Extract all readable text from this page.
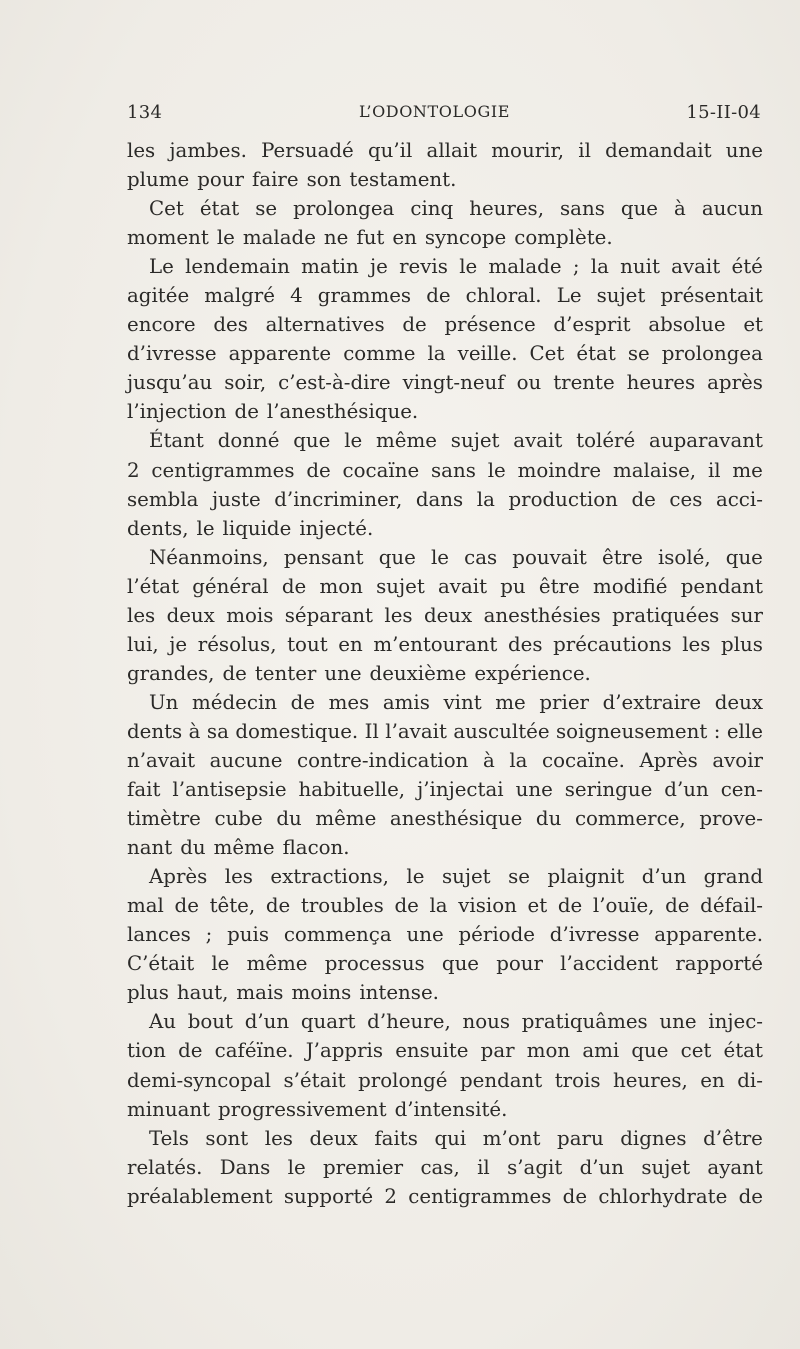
134	L’ODONTOLOGIE	15-II-04
les jambes. Persuadé qu’il allait mourir, il demandait une
plume pour faire son testament.
Cet état se prolongea cinq heures, sans que à aucun
moment le malade ne fut en syncope complète.
Le lendemain matin je revis le malade ; la nuit avait été
agitée malgré 4 grammes de chloral. Le sujet présentait
encore des alternatives de présence d’esprit absolue et
d’ivresse apparente comme la veille. Cet état se prolongea
jusqu’au soir, c’est-à-dire vingt-neuf ou trente heures après
l’injection de l’anesthésique.
Étant donné que le même sujet avait toléré auparavant
2 centigrammes de cocaïne sans le moindre malaise, il me
sembla juste d’incriminer, dans la production de ces acci-
dents, le liquide injecté.
Néanmoins, pensant que le cas pouvait être isolé, que
l’état général de mon sujet avait pu être modifié pendant
les deux mois séparant les deux anesthésies pratiquées sur
lui, je résolus, tout en m’entourant des précautions les plus
grandes, de tenter une deuxième expérience.
Un médecin de mes amis vint me prier d’extraire deux
dents à sa domestique. Il l’avait auscultée soigneusement : elle
n’avait aucune contre-indication à la cocaïne. Après avoir
fait l’antisepsie habituelle, j’injectai une seringue d’un cen-
timètre cube du même anesthésique du commerce, prove-
nant du même flacon.
Après les extractions, le sujet se plaignit d’un grand
mal de tête, de troubles de la vision et de l’ouïe, de défail-
lances ; puis commença une période d’ivresse apparente.
C’était le même processus que pour l’accident rapporté
plus haut, mais moins intense.
Au bout d’un quart d’heure, nous pratiquâmes une injec-
tion de caféïne. J’appris ensuite par mon ami que cet état
demi-syncopal s’était prolongé pendant trois heures, en di-
minuant progressivement d’intensité.
Tels sont les deux faits qui m’ont paru dignes d’être
relatés. Dans le premier cas, il s’agit d’un sujet ayant
préalablement supporté 2 centigrammes de chlorhydrate de
